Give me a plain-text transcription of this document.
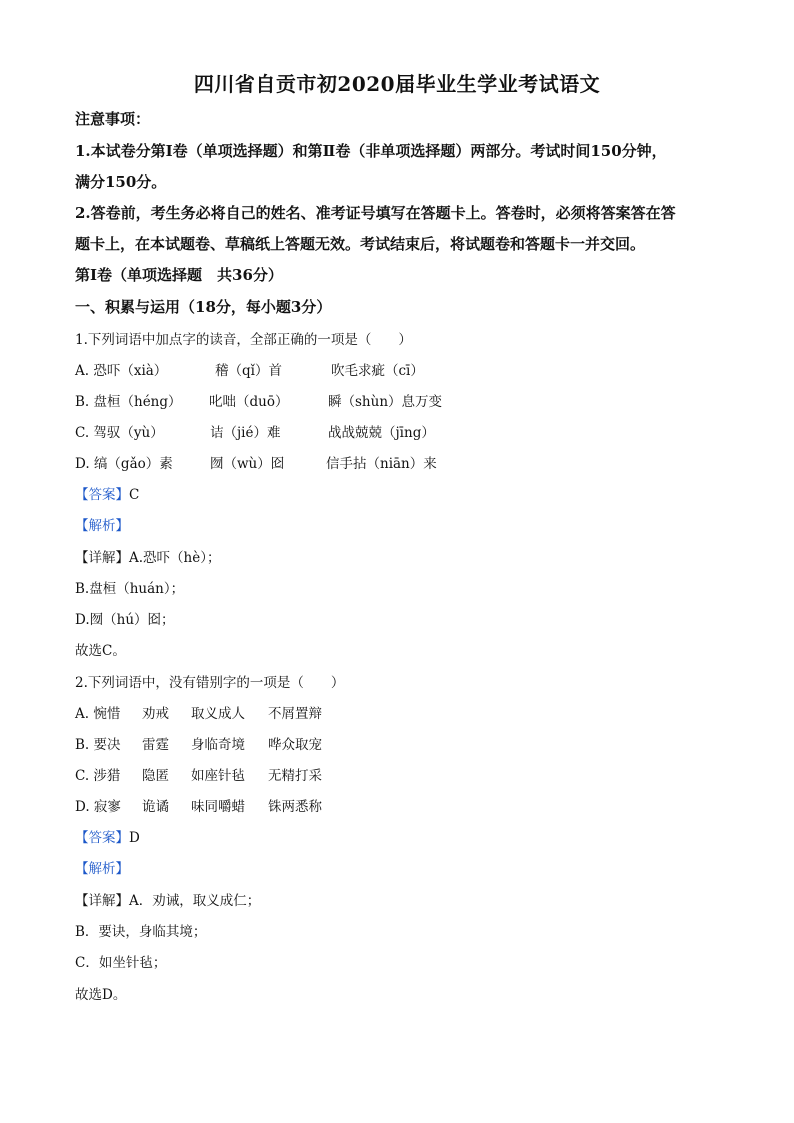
四川省自贡市初2020届毕业生学业考试语文
注意事项：
1.本试卷分第Ⅰ卷（单项选择题）和第Ⅱ卷（非单项选择题）两部分。考试时间150分钟，
满分150分。
2.答卷前，考生务必将自己的姓名、准考证号填写在答题卡上。答卷时，必须将答案答在答
题卡上，在本试题卷、草稿纸上答题无效。考试结束后，将试题卷和答题卡一并交回。
第Ⅰ卷（单项选择题　共36分）
一、积累与运用（18分，每小题3分）
1.下列词语中加点字的读音，全部正确的一项是（　　）
A. 恐吓（xià）	稽（qǐ）首	吹毛求疵（cī）
B. 盘桓（héng） 叱咄（duō）	瞬（shùn）息万变
C. 驾驭（yù）	诘（jié）难	战战兢兢（jīng）
D. 缟（gǎo）素	囫（wù）囵	信手拈（niān）来
【答案】C
【解析】
【详解】A.恐吓（hè）；
B.盘桓（huán）；
D.囫（hú）囵；
故选C。
2.下列词语中，没有错别字的一项是（　　）
A. 惋惜 劝戒 取义成人 不屑置辩
B. 要决 雷霆 身临奇境 哗众取宠
C. 涉猎 隐匿 如座针毡 无精打采
D. 寂寥 诡谲 味同嚼蜡 铢两悉称
【答案】D
【解析】
【详解】A．劝诫，取义成仁；
B．要诀，身临其境；
C．如坐针毡；
故选D。
